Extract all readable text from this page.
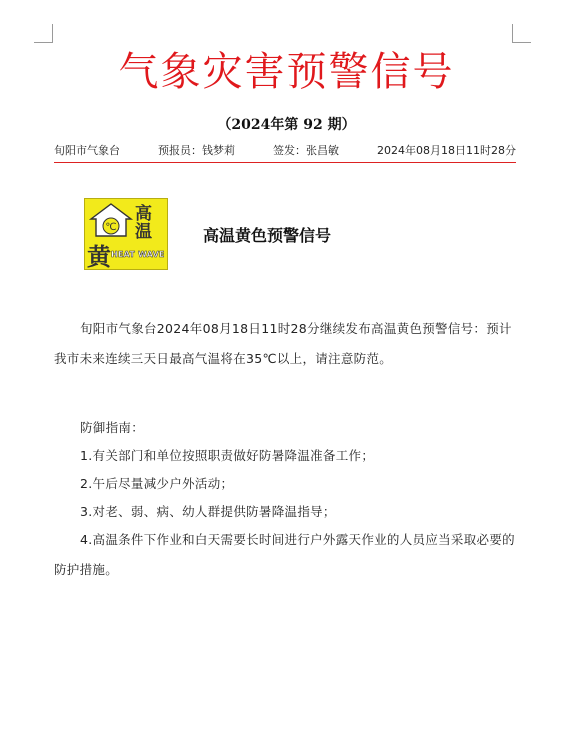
气象灾害预警信号
（2024年第 92 期）
旬阳市气象台	预报员：钱梦莉	签发：张昌敏	2024年08月18日11时28分
℃
高
温
黄 HEAT WAVE
高温黄色预警信号
旬阳市气象台2024年08月18日11时28分继续发布高温黄色预警信号：预计我市未来连续三天日最高气温将在35℃以上，请注意防范。
防御指南：
1.有关部门和单位按照职责做好防暑降温准备工作；
2.午后尽量减少户外活动；
3.对老、弱、病、幼人群提供防暑降温指导；
4.高温条件下作业和白天需要长时间进行户外露天作业的人员应当采取必要的防护措施。
